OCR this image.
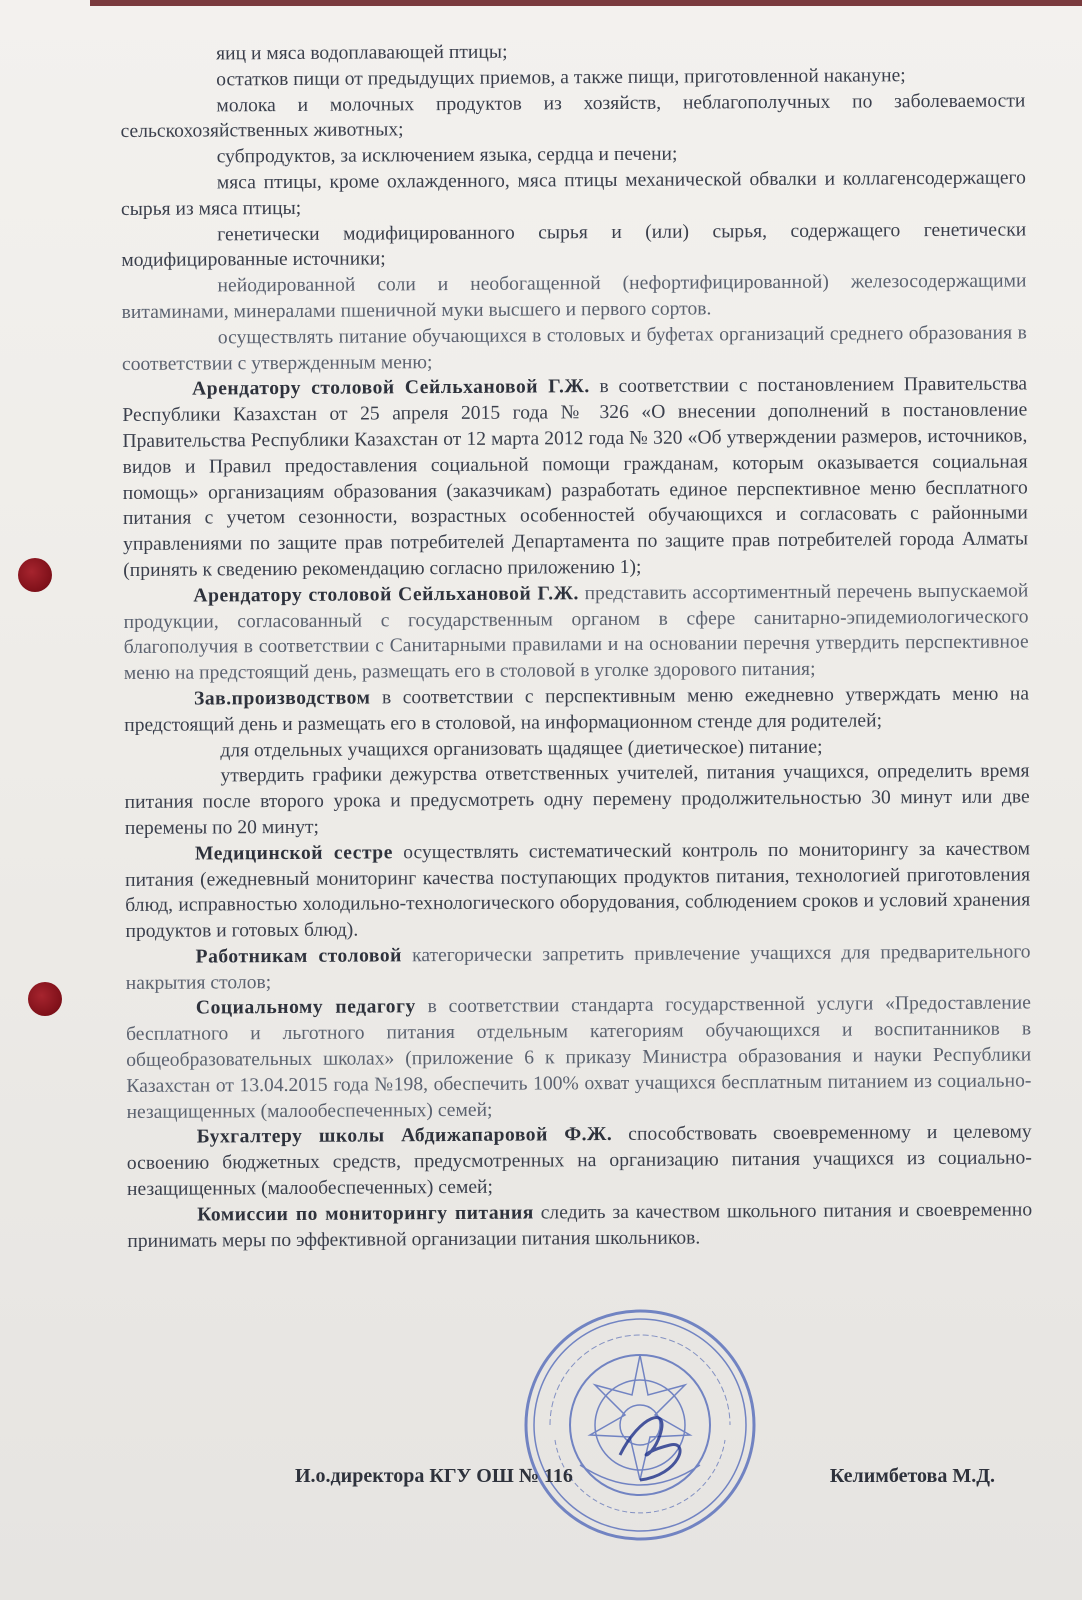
яиц и мяса водоплавающей птицы;

остатков пищи от предыдущих приемов, а также пищи, приготовленной накануне;

молока и молочных продуктов из хозяйств, неблагополучных по заболеваемости сельскохозяйственных животных;

субпродуктов, за исключением языка, сердца и печени;

мяса птицы, кроме охлажденного, мяса птицы механической обвалки и коллагенсодержащего сырья из мяса птицы;

генетически модифицированного сырья и (или) сырья, содержащего генетически модифицированные источники;

нейодированной соли и необогащенной (нефортифицированной) железосодержащими витаминами, минералами пшеничной муки высшего и первого сортов.

осуществлять питание обучающихся в столовых и буфетах организаций среднего образования в соответствии с утвержденным меню;

Арендатору столовой Сейльхановой Г.Ж. в соответствии с постановлением Правительства Республики Казахстан от 25 апреля 2015 года № 326 «О внесении дополнений в постановление Правительства Республики Казахстан от 12 марта 2012 года № 320 «Об утверждении размеров, источников, видов и Правил предоставления социальной помощи гражданам, которым оказывается социальная помощь» организациям образования (заказчикам) разработать единое перспективное меню бесплатного питания с учетом сезонности, возрастных особенностей обучающихся и согласовать с районными управлениями по защите прав потребителей Департамента по защите прав потребителей города Алматы (принять к сведению рекомендацию согласно приложению 1);

Арендатору столовой Сейльхановой Г.Ж. представить ассортиментный перечень выпускаемой продукции, согласованный с государственным органом в сфере санитарно-эпидемиологического благополучия в соответствии с Санитарными правилами и на основании перечня утвердить перспективное меню на предстоящий день, размещать его в столовой в уголке здорового питания;

Зав.производством в соответствии с перспективным меню ежедневно утверждать меню на предстоящий день и размещать его в столовой, на информационном стенде для родителей;

для отдельных учащихся организовать щадящее (диетическое) питание;

утвердить графики дежурства ответственных учителей, питания учащихся, определить время питания после второго урока и предусмотреть одну перемену продолжительностью 30 минут или две перемены по 20 минут;

Медицинской сестре осуществлять систематический контроль по мониторингу за качеством питания (ежедневный мониторинг качества поступающих продуктов питания, технологией приготовления блюд, исправностью холодильно-технологического оборудования, соблюдением сроков и условий хранения продуктов и готовых блюд).

Работникам столовой категорически запретить привлечение учащихся для предварительного накрытия столов;

Социальному педагогу в соответствии стандарта государственной услуги «Предоставление бесплатного и льготного питания отдельным категориям обучающихся и воспитанников в общеобразовательных школах» (приложение 6 к приказу Министра образования и науки Республики Казахстан от 13.04.2015 года №198, обеспечить 100% охват учащихся бесплатным питанием из социально-незащищенных (малообеспеченных) семей;

Бухгалтеру школы Абдижапаровой Ф.Ж. способствовать своевременному и целевому освоению бюджетных средств, предусмотренных на организацию питания учащихся из социально-незащищенных (малообеспеченных) семей;

Комиссии по мониторингу питания следить за качеством школьного питания и своевременно принимать меры по эффективной организации питания школьников.

И.о.директора КГУ ОШ № 116	Келимбетова М.Д.
